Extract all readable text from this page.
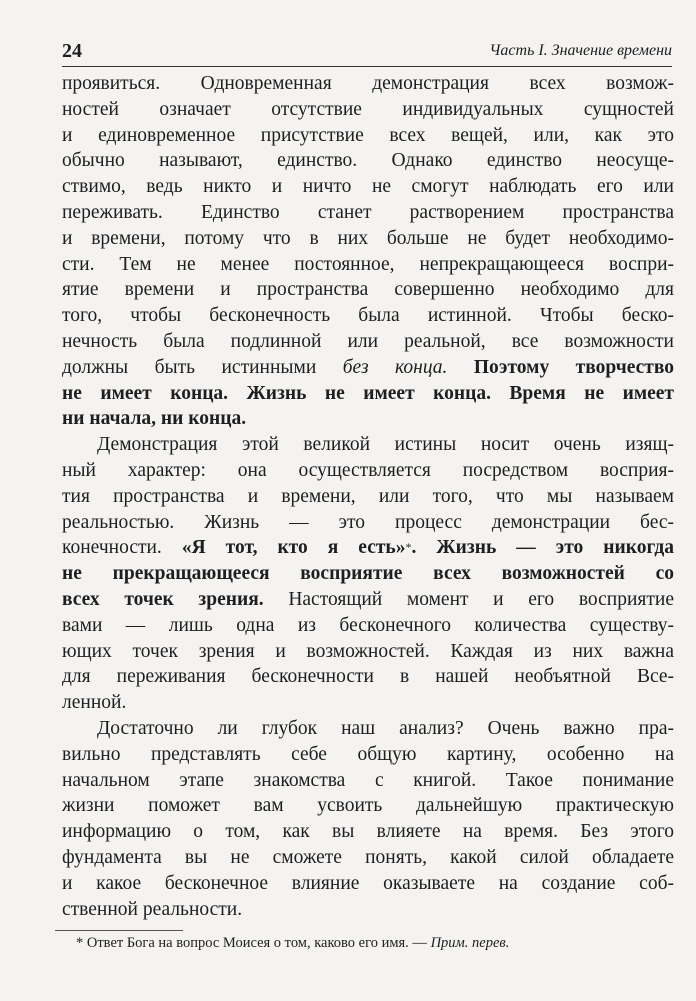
24	Часть I. Значение времени
проявиться. Одновременная демонстрация всех возмож-
ностей означает отсутствие индивидуальных сущностей
и единовременное присутствие всех вещей, или, как это
обычно называют, единство. Однако единство неосуще-
ствимо, ведь никто и ничто не смогут наблюдать его или
переживать. Единство станет растворением пространства
и времени, потому что в них больше не будет необходимо-
сти. Тем не менее постоянное, непрекращающееся воспри-
ятие времени и пространства совершенно необходимо для
того, чтобы бесконечность была истинной. Чтобы беско-
нечность была подлинной или реальной, все возможности
должны быть истинными без конца. Поэтому творчество
не имеет конца. Жизнь не имеет конца. Время не имеет
ни начала, ни конца.
Демонстрация этой великой истины носит очень изящ-
ный характер: она осуществляется посредством восприя-
тия пространства и времени, или того, что мы называем
реальностью. Жизнь — это процесс демонстрации бес-
конечности. «Я тот, кто я есть»*. Жизнь — это никогда
не прекращающееся восприятие всех возможностей со
всех точек зрения. Настоящий момент и его восприятие
вами — лишь одна из бесконечного количества существу-
ющих точек зрения и возможностей. Каждая из них важна
для переживания бесконечности в нашей необъятной Все-
ленной.
Достаточно ли глубок наш анализ? Очень важно пра-
вильно представлять себе общую картину, особенно на
начальном этапе знакомства с книгой. Такое понимание
жизни поможет вам усвоить дальнейшую практическую
информацию о том, как вы влияете на время. Без этого
фундамента вы не сможете понять, какой силой обладаете
и какое бесконечное влияние оказываете на создание соб-
ственной реальности.
* Ответ Бога на вопрос Моисея о том, каково его имя. — Прим. перев.
